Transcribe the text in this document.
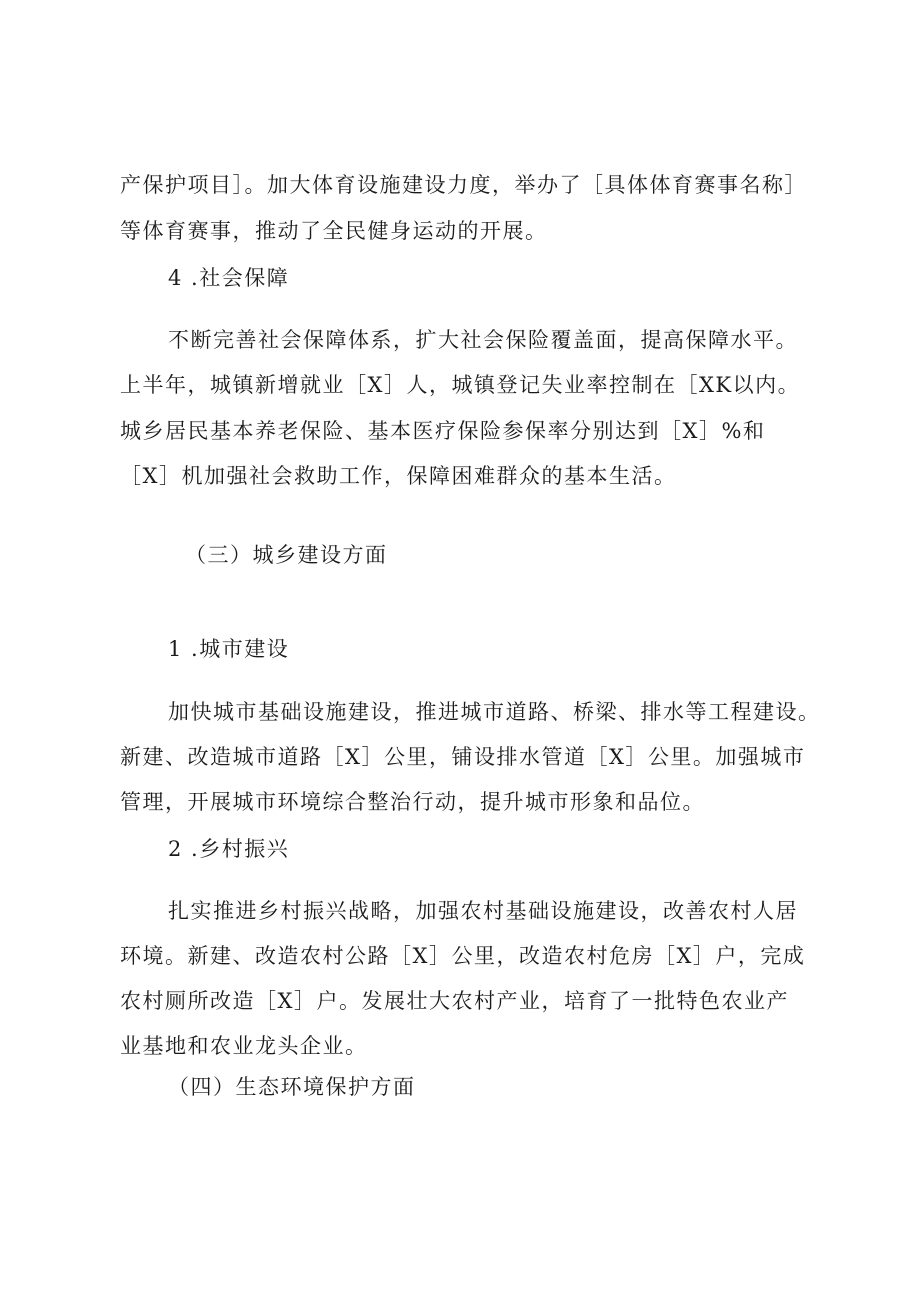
产保护项目］。加大体育设施建设力度，举办了［具体体育赛事名称］
等体育赛事，推动了全民健身运动的开展。
4 .社会保障
不断完善社会保障体系，扩大社会保险覆盖面，提高保障水平。
上半年，城镇新增就业［X］人，城镇登记失业率控制在［XK以内。
城乡居民基本养老保险、基本医疗保险参保率分别达到［X］%和
［X］机加强社会救助工作，保障困难群众的基本生活。
（三）城乡建设方面
1 .城市建设
加快城市基础设施建设，推进城市道路、桥梁、排水等工程建设。
新建、改造城市道路［X］公里，铺设排水管道［X］公里。加强城市
管理，开展城市环境综合整治行动，提升城市形象和品位。
2 .乡村振兴
扎实推进乡村振兴战略，加强农村基础设施建设，改善农村人居
环境。新建、改造农村公路［X］公里，改造农村危房［X］户，完成
农村厕所改造［X］户。发展壮大农村产业，培育了一批特色农业产
业基地和农业龙头企业。
（四）生态环境保护方面
